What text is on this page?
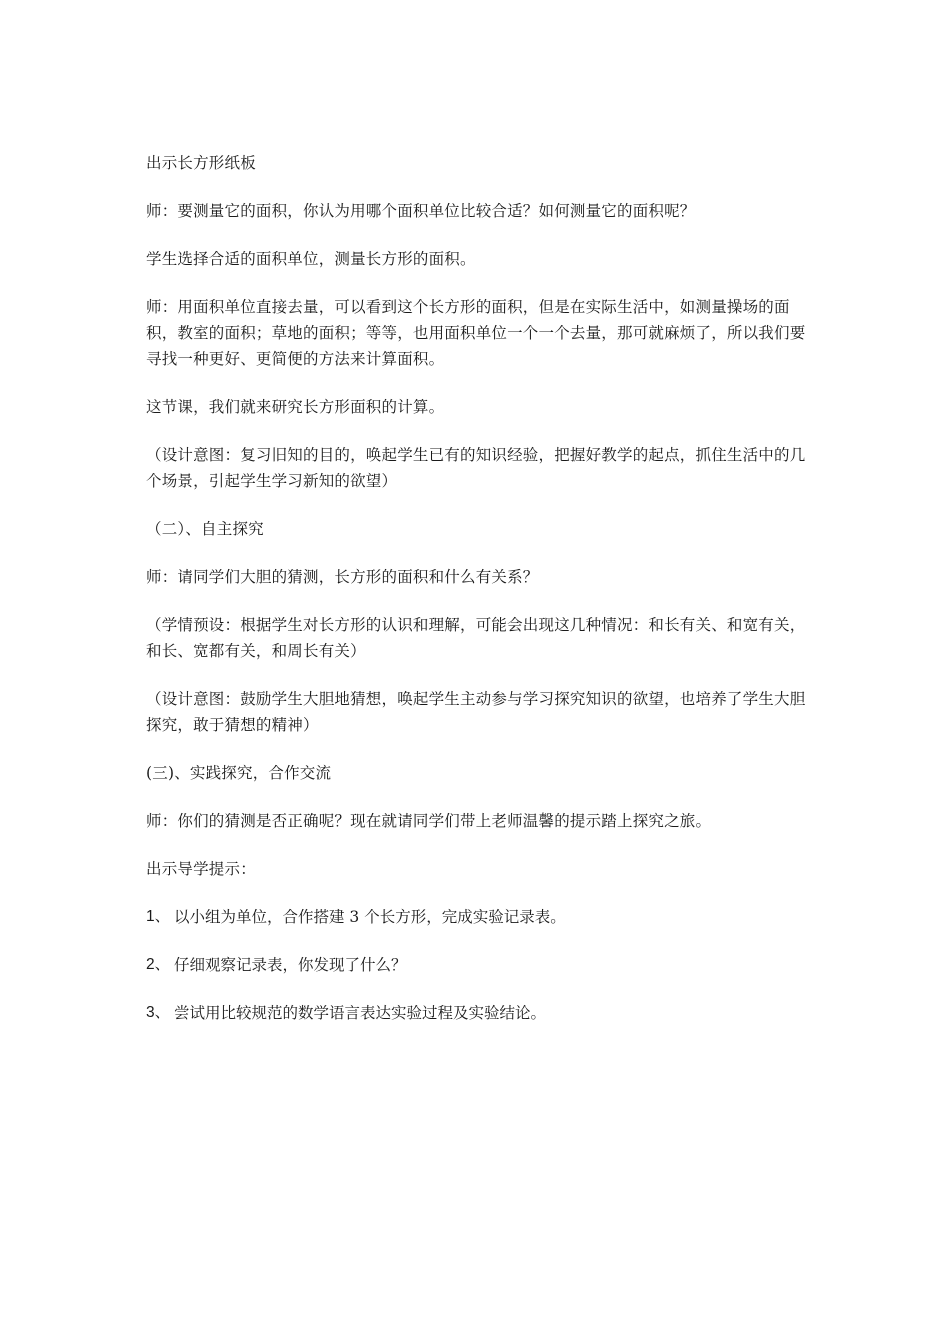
出示长方形纸板

师：要测量它的面积，你认为用哪个面积单位比较合适？如何测量它的面积呢？

学生选择合适的面积单位，测量长方形的面积。

师：用面积单位直接去量，可以看到这个长方形的面积，但是在实际生活中，如测量操场的面积，教室的面积；草地的面积；等等，也用面积单位一个一个去量，那可就麻烦了，所以我们要寻找一种更好、更简便的方法来计算面积。

这节课，我们就来研究长方形面积的计算。

（设计意图：复习旧知的目的，唤起学生已有的知识经验，把握好教学的起点，抓住生活中的几个场景，引起学生学习新知的欲望）

（二）、自主探究

师：请同学们大胆的猜测，长方形的面积和什么有关系？

（学情预设：根据学生对长方形的认识和理解，可能会出现这几种情况：和长有关、和宽有关，和长、宽都有关，和周长有关）

（设计意图：鼓励学生大胆地猜想，唤起学生主动参与学习探究知识的欲望，也培养了学生大胆探究，敢于猜想的精神）

(三)、实践探究，合作交流

师：你们的猜测是否正确呢？现在就请同学们带上老师温馨的提示踏上探究之旅。

出示导学提示：

1、 以小组为单位，合作搭建 3 个长方形，完成实验记录表。
2、 仔细观察记录表，你发现了什么？
3、 尝试用比较规范的数学语言表达实验过程及实验结论。
